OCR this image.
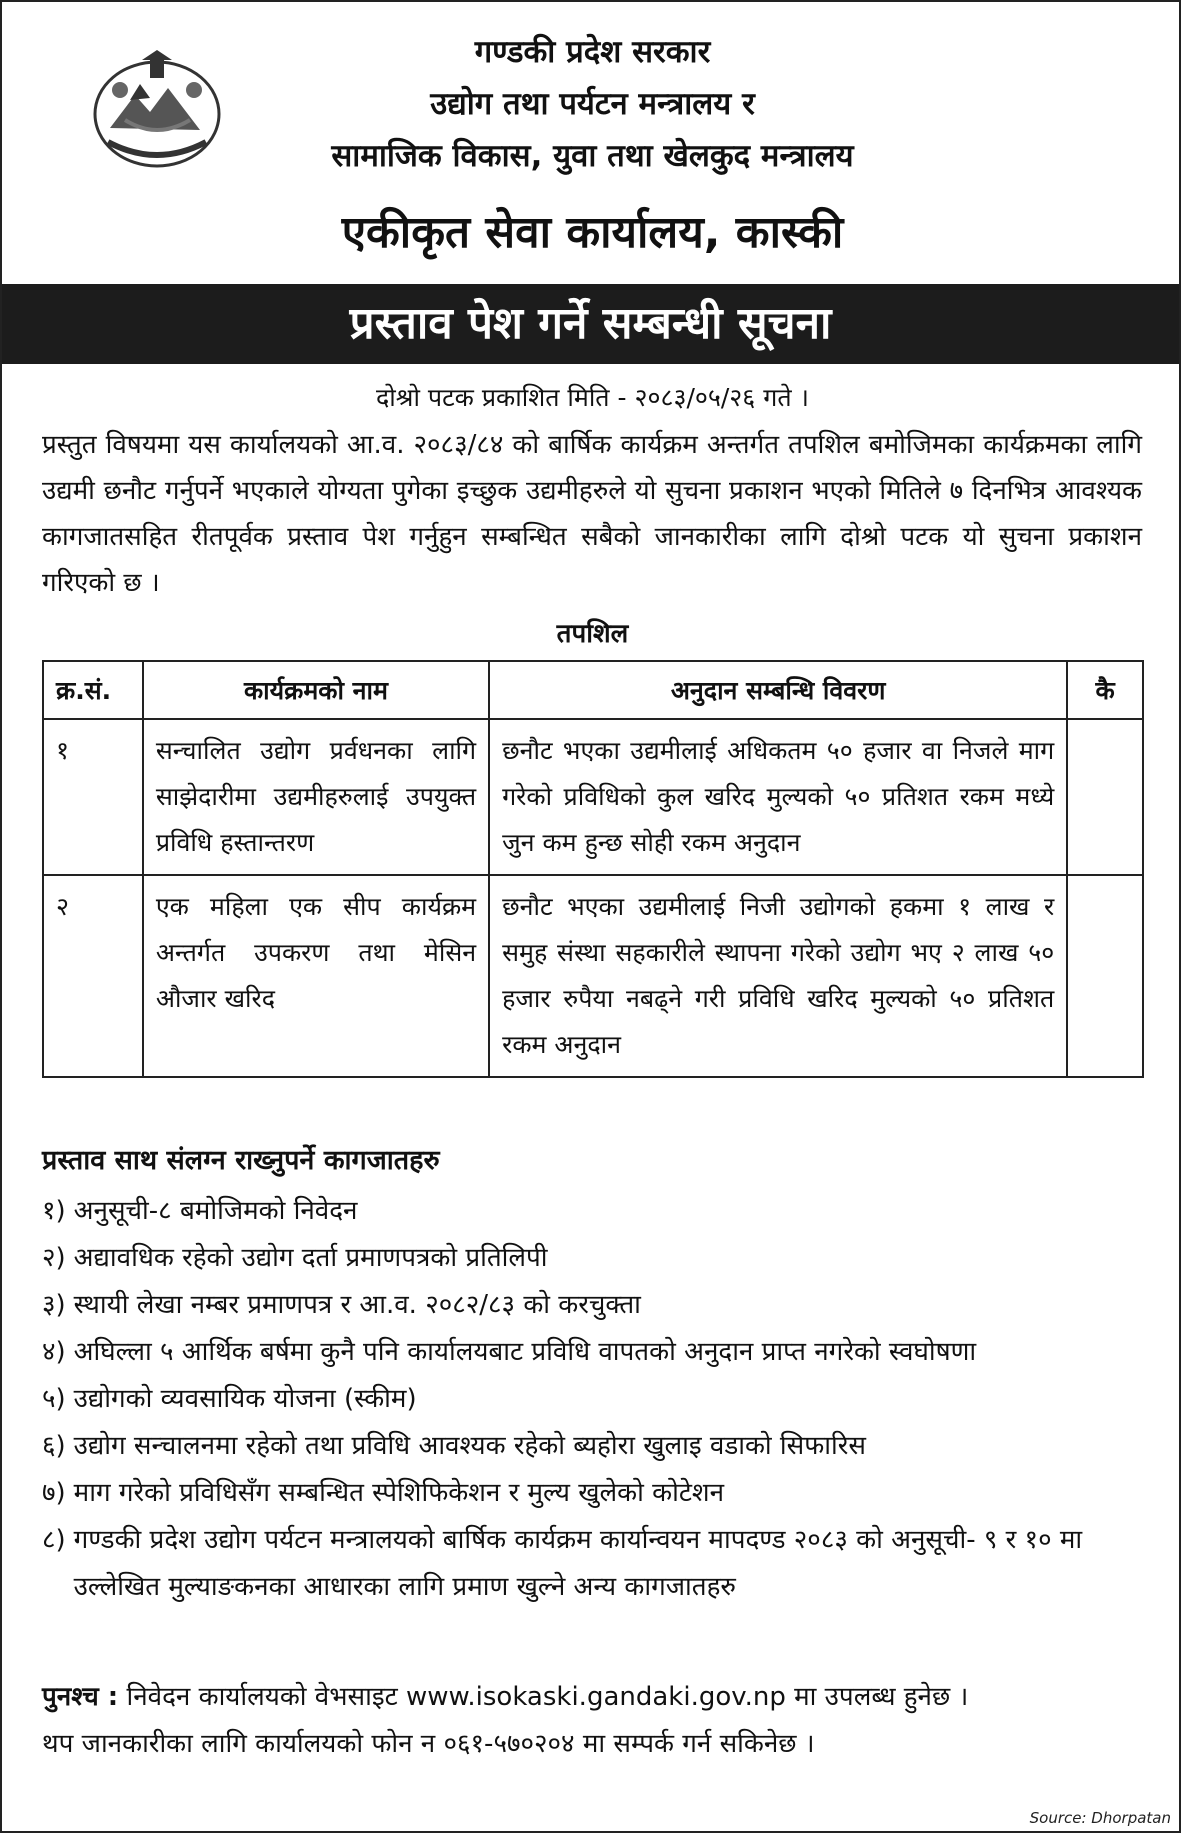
गण्डकी प्रदेश सरकार
उद्योग तथा पर्यटन मन्त्रालय र
सामाजिक विकास, युवा तथा खेलकुद मन्त्रालय
एकीकृत सेवा कार्यालय, कास्की
प्रस्ताव पेश गर्ने सम्बन्धी सूचना
दोश्रो पटक प्रकाशित मिति - २०८३/०५/२६ गते ।
प्रस्तुत विषयमा यस कार्यालयको आ.व. २०८३/८४ को बार्षिक कार्यक्रम अन्तर्गत तपशिल बमोजिमका कार्यक्रमका लागि उद्यमी छनौट गर्नुपर्ने भएकाले योग्यता पुगेका इच्छुक उद्यमीहरुले यो सुचना प्रकाशन भएको मितिले ७ दिनभित्र आवश्यक कागजातसहित रीतपूर्वक प्रस्ताव पेश गर्नुहुन सम्बन्धित सबैको जानकारीका लागि दोश्रो पटक यो सुचना प्रकाशन गरिएको छ ।
तपशिल
क्र.सं.	कार्यक्रमको नाम	अनुदान सम्बन्धि विवरण	कै
१	सन्चालित उद्योग प्रर्वधनका लागि साझेदारीमा उद्यमीहरुलाई उपयुक्त प्रविधि हस्तान्तरण	छनौट भएका उद्यमीलाई अधिकतम ५० हजार वा निजले माग गरेको प्रविधिको कुल खरिद मुल्यको ५० प्रतिशत रकम मध्ये जुन कम हुन्छ सोही रकम अनुदान	
२	एक महिला एक सीप कार्यक्रम अन्तर्गत उपकरण तथा मेसिन औजार खरिद	छनौट भएका उद्यमीलाई निजी उद्योगको हकमा १ लाख र समुह संस्था सहकारीले स्थापना गरेको उद्योग भए २ लाख ५० हजार रुपैया नबढ्ने गरी प्रविधि खरिद मुल्यको ५० प्रतिशत रकम अनुदान	
प्रस्ताव साथ संलग्न राख्नुपर्ने कागजातहरु
१) अनुसूची-८ बमोजिमको निवेदन
२) अद्यावधिक रहेको उद्योग दर्ता प्रमाणपत्रको प्रतिलिपी
३) स्थायी लेखा नम्बर प्रमाणपत्र र आ.व. २०८२/८३ को करचुक्ता
४) अघिल्ला ५ आर्थिक बर्षमा कुनै पनि कार्यालयबाट प्रविधि वापतको अनुदान प्राप्त नगरेको स्वघोषणा
५) उद्योगको व्यवसायिक योजना (स्कीम)
६) उद्योग सन्चालनमा रहेको तथा प्रविधि आवश्यक रहेको ब्यहोरा खुलाइ वडाको सिफारिस
७) माग गरेको प्रविधिसँग सम्बन्धित स्पेशिफिकेशन र मुल्य खुलेको कोटेशन
८) गण्डकी प्रदेश उद्योग पर्यटन मन्त्रालयको बार्षिक कार्यक्रम कार्यान्वयन मापदण्ड २०८३ को अनुसूची- ९ र १० मा उल्लेखित मुल्याङकनका आधारका लागि प्रमाण खुल्ने अन्य कागजातहरु
पुनश्च : निवेदन कार्यालयको वेभसाइट www.isokaski.gandaki.gov.np मा उपलब्ध हुनेछ ।
थप जानकारीका लागि कार्यालयको फोन न ०६१-५७०२०४ मा सम्पर्क गर्न सकिनेछ ।
Source: Dhorpatan
